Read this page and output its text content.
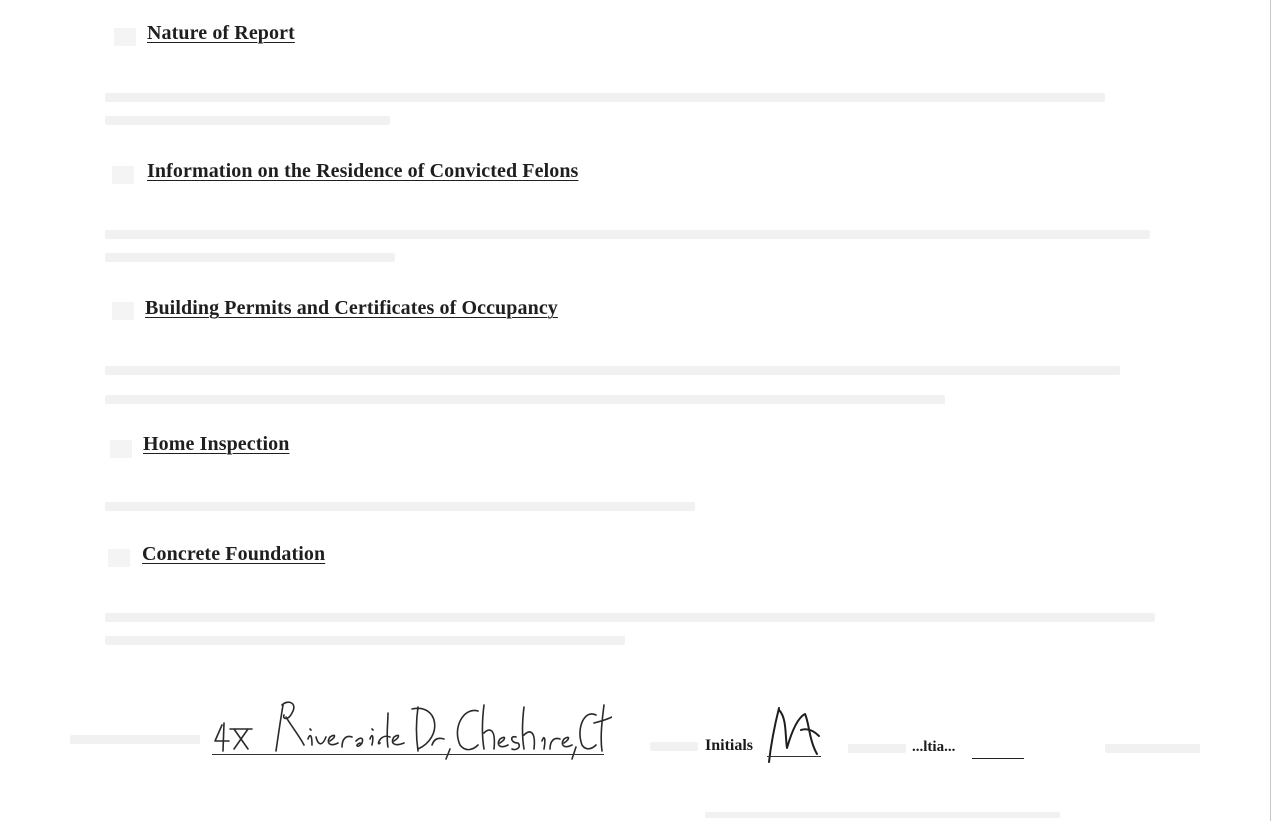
Nature of Report
Information on the Residence of Convicted Felons
Building Permits and Certificates of Occupancy
Home Inspection
Concrete Foundation
Initials	...ltia...
